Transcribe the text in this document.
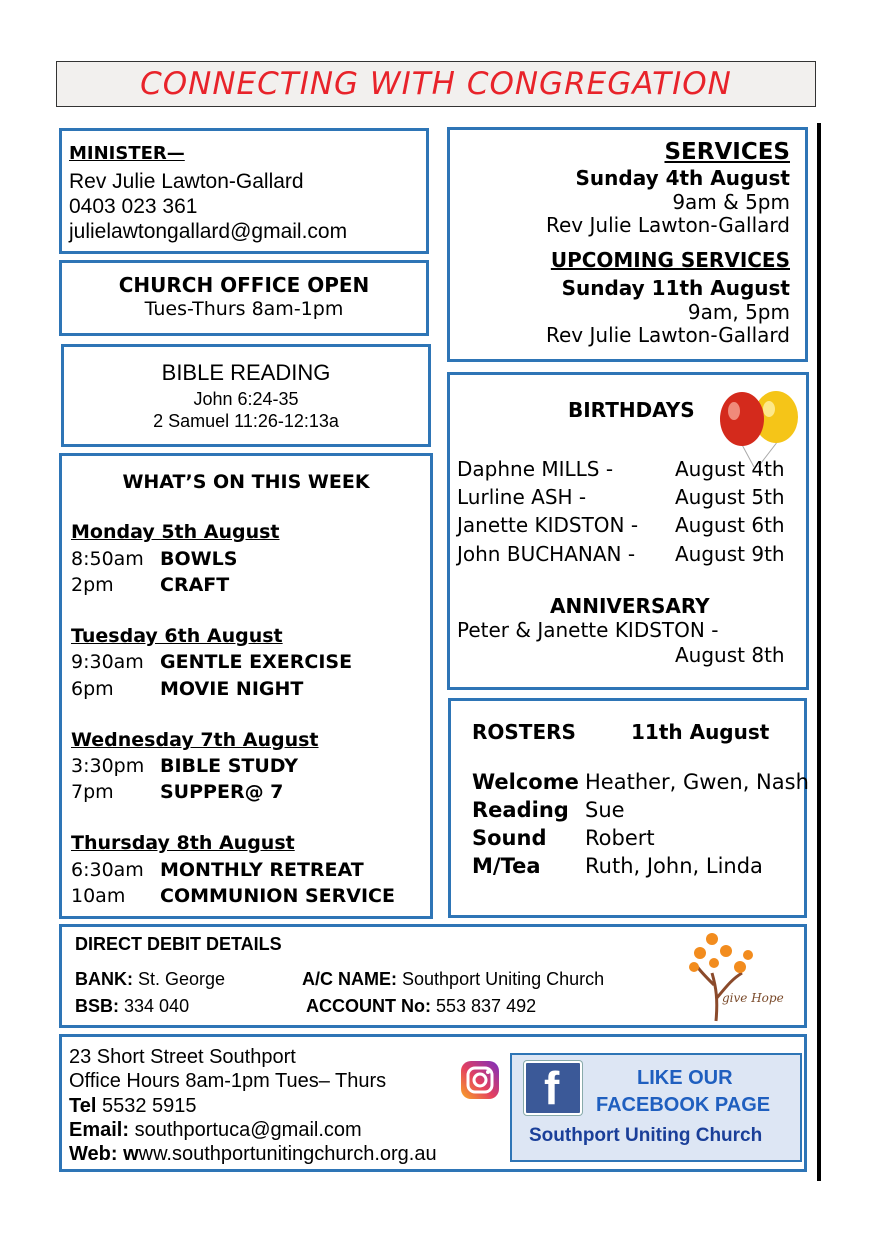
CONNECTING WITH CONGREGATION
MINISTER—
Rev Julie Lawton-Gallard
0403 023 361
julielawtongallard@gmail.com
CHURCH OFFICE OPEN
Tues-Thurs 8am-1pm
BIBLE READING
John 6:24-35
2 Samuel 11:26-12:13a
WHAT’S ON THIS WEEK
Monday 5th August
8:50am BOWLS
2pm CRAFT
Tuesday 6th August
9:30am GENTLE EXERCISE
6pm MOVIE NIGHT
Wednesday 7th August
3:30pm BIBLE STUDY
7pm SUPPER@ 7
Thursday 8th August
6:30am MONTHLY RETREAT
10am COMMUNION SERVICE
SERVICES
Sunday 4th August
9am & 5pm
Rev Julie Lawton-Gallard
UPCOMING SERVICES
Sunday 11th August
9am, 5pm
Rev Julie Lawton-Gallard
BIRTHDAYS
Daphne MILLS -	August 4th
Lurline ASH -	August 5th
Janette KIDSTON - August 6th
John BUCHANAN - August 9th
ANNIVERSARY
Peter & Janette KIDSTON -
August 8th
ROSTERS	11th August
Welcome Heather, Gwen, Nash
Reading Sue
Sound Robert
M/Tea Ruth, John, Linda
DIRECT DEBIT DETAILS
BANK: St. George
BSB: 334 040
A/C NAME: Southport Uniting Church
ACCOUNT No: 553 837 492	give Hope
23 Short Street Southport
Office Hours 8am-1pm Tues– Thurs
Tel 5532 5915
Email: southportuca@gmail.com
Web: www.southportunitingchurch.org.au
f	LIKE OUR
FACEBOOK PAGE
Southport Uniting Church
